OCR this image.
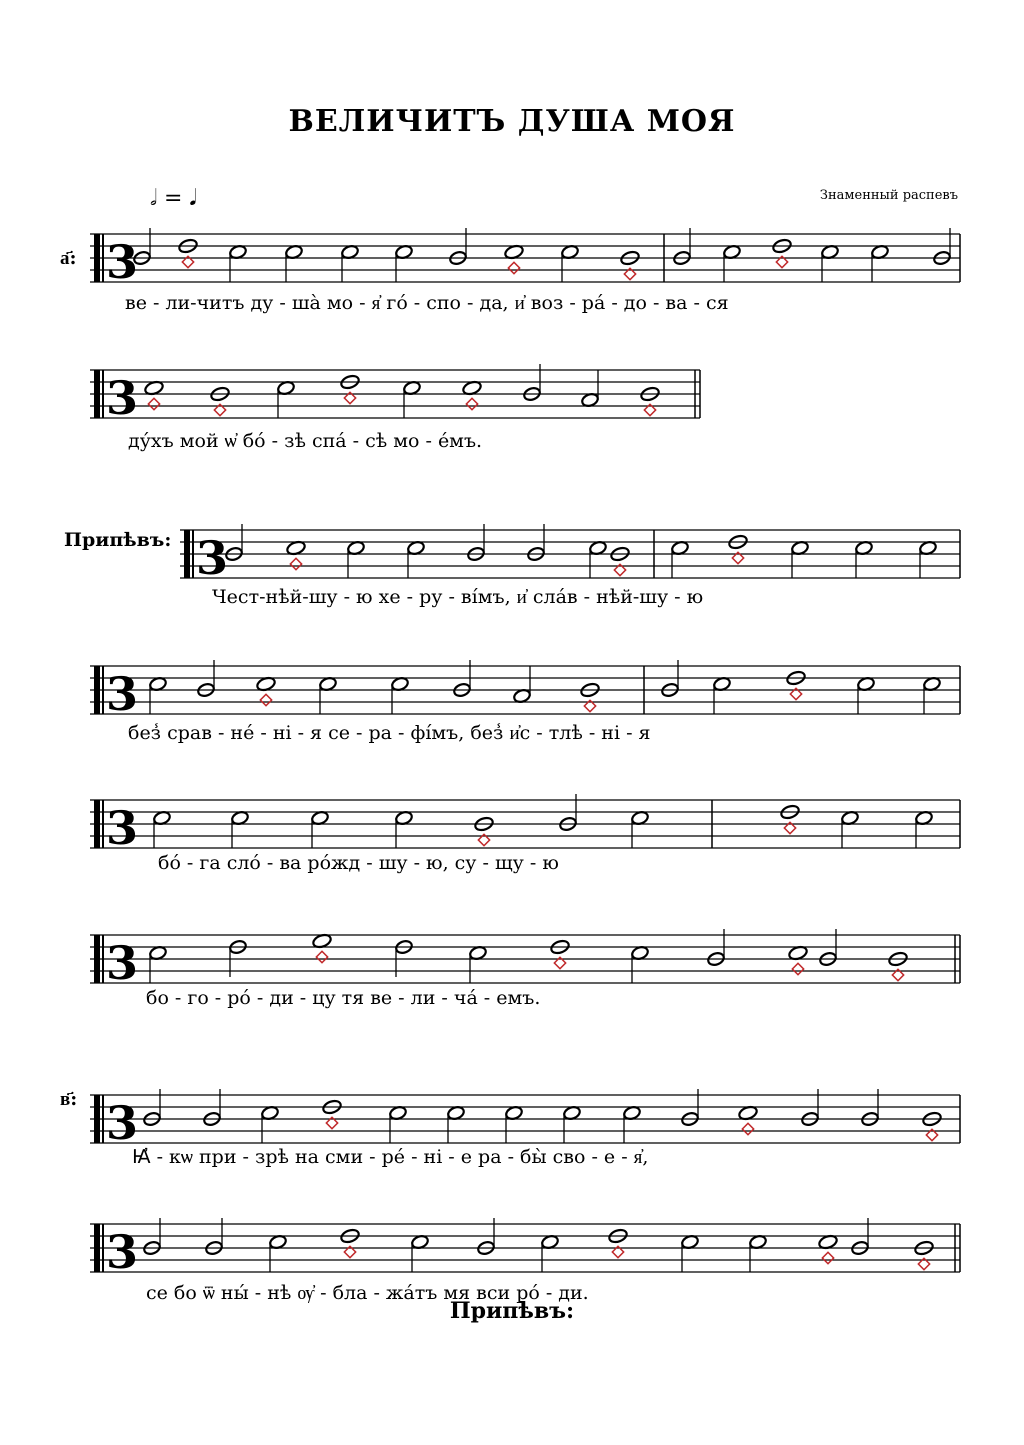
ВЕЛИЧИТЪ ДУША МОЯ
𝅗𝅥 = 𝅘𝅥	Знаменный распевъ
а҃:
Припѣвъ:
в҃:
3
3
3
3
3
3
3
3
ве - ли-читъ ду - ша̀ мо - я҆ го́ - спо - да, и҆ воз - ра́ - до - ва - ся
ду́хъ мой ѡ҆ бо́ - зѣ спа́ - сѣ мо - е́мъ.
Чест-нѣй-шу - ю хе - ру - ві́мъ, и҆ сла́в - нѣй-шу - ю
без̾ срав - не́ - ні - я се - ра - фі́мъ, без̾ и҆с - тлѣ - ні - я
бо́ - га сло́ - ва ро́жд - шу - ю, су - щу - ю
бо - го - ро́ - ди - цу тя ве - ли - ча́ - емъ.
Ꙗ҆ - кѡ при - зрѣ на сми - ре́ - ні - е ра - бы̀ сво - е - я҆,
се бо ѿ ны́ - нѣ ѹ҆ - бла - жа́тъ мя вси ро́ - ди.
Припѣвъ:
